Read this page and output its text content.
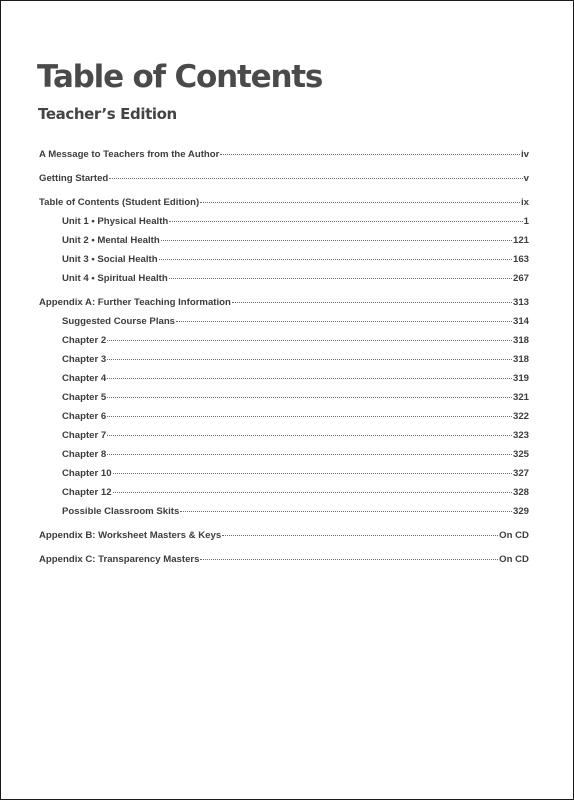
Table of Contents
Teacher’s Edition
A Message to Teachers from the Author	iv
Getting Started	v
Table of Contents (Student Edition)	ix
Unit 1 • Physical Health	1
Unit 2 • Mental Health	121
Unit 3 • Social Health	163
Unit 4 • Spiritual Health	267
Appendix A: Further Teaching Information	313
Suggested Course Plans	314
Chapter 2	318
Chapter 3	318
Chapter 4	319
Chapter 5	321
Chapter 6	322
Chapter 7	323
Chapter 8	325
Chapter 10	327
Chapter 12	328
Possible Classroom Skits	329
Appendix B: Worksheet Masters & Keys	On CD
Appendix C: Transparency Masters	On CD
